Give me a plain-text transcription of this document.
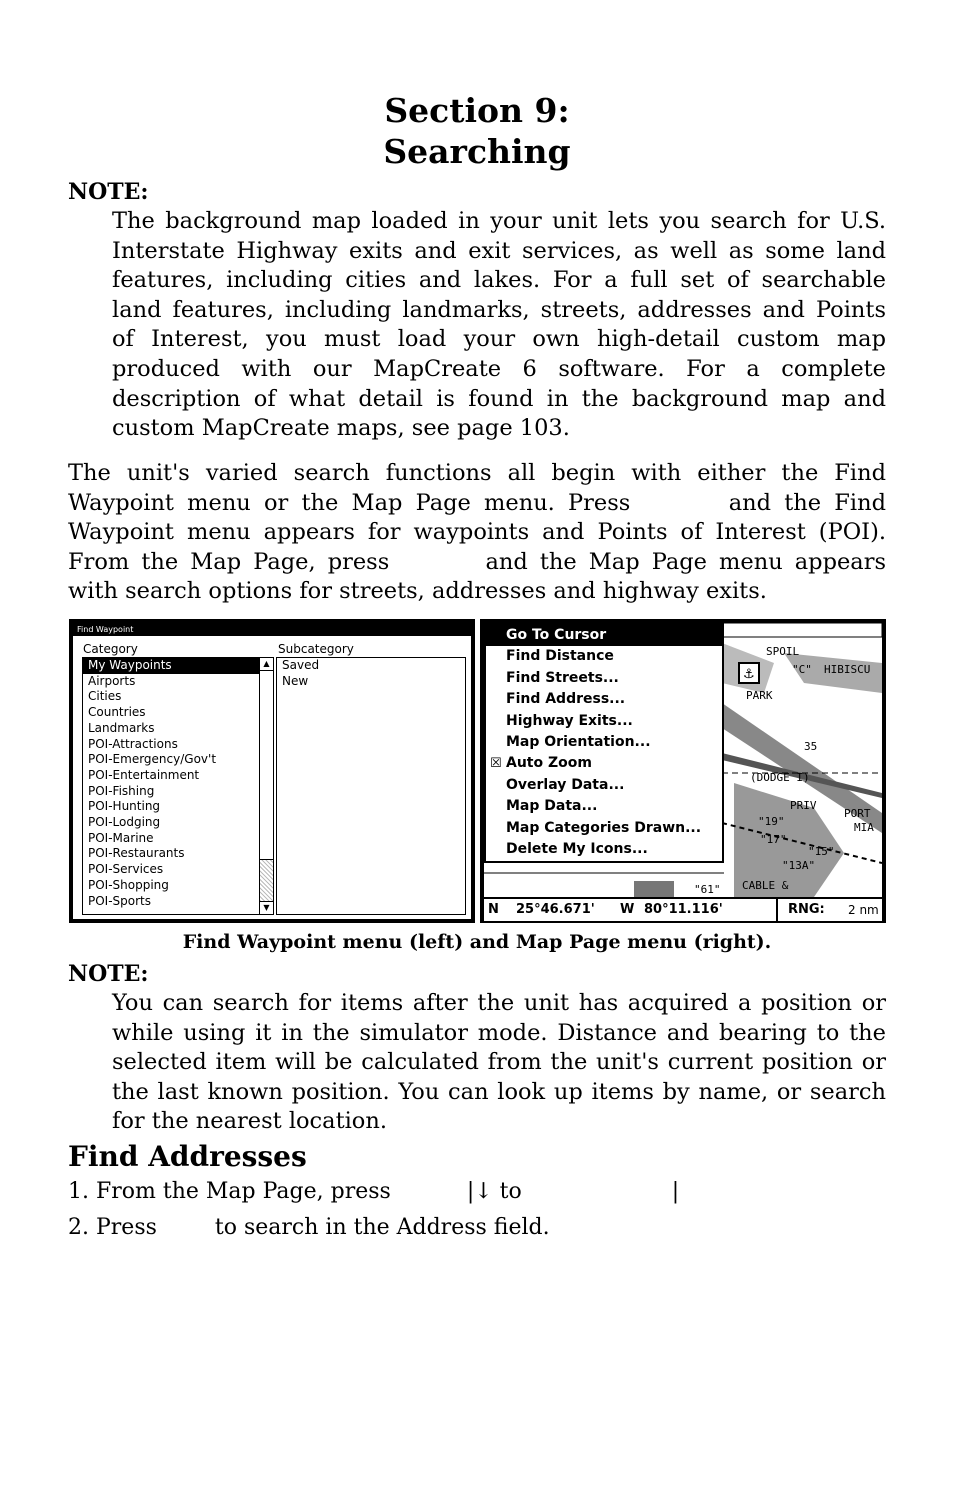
Section 9:
Searching
NOTE:
The background map loaded in your unit lets you search for U.S. Interstate Highway exits and exit services, as well as some land features, including cities and lakes. For a full set of searchable land features, including landmarks, streets, addresses and Points of Interest, you must load your own high-detail custom map produced with our MapCreate 6 software. For a complete description of what detail is found in the background map and custom MapCreate maps, see page 103.
The unit's varied search functions all begin with either the Find Waypoint menu or the Map Page menu. Press	and the Find Waypoint menu appears for waypoints and Points of Interest (POI). From the Map Page, press	and the Map Page menu appears with search options for streets, addresses and highway exits.
Find Waypoint
Category	Subcategory
My Waypoints
Airports
Cities
Countries
Landmarks
POI-Attractions
POI-Emergency/Gov't
POI-Entertainment
POI-Fishing
POI-Hunting
POI-Lodging
POI-Marine
POI-Restaurants
POI-Services
POI-Shopping
POI-Sports
▲
▼
Saved
New	⚓
SPOIL
HIBISCU
"C"
PARK
(DODGE I)
PRIV
PORT
MIA
CABLE &
"19"
"17"
"15"
"13A"
"61"
35
Go To Cursor
Find Distance
Find Streets...
Find Address...
Highway Exits...
Map Orientation...
☒ Auto Zoom
Overlay Data...
Map Data...
Map Categories Drawn...
Delete My Icons...
N 25°46.671' W 80°11.116'	RNG: 2 nm
Find Waypoint menu (left) and Map Page menu (right).
NOTE:
You can search for items after the unit has acquired a position or while using it in the simulator mode. Distance and bearing to the selected item will be calculated from the unit's current position or the last known position. You can look up items by name, or search for the nearest location.
Find Addresses
1. From the Map Page, press	|↓ to	|
2. Press	to search in the Address field.
